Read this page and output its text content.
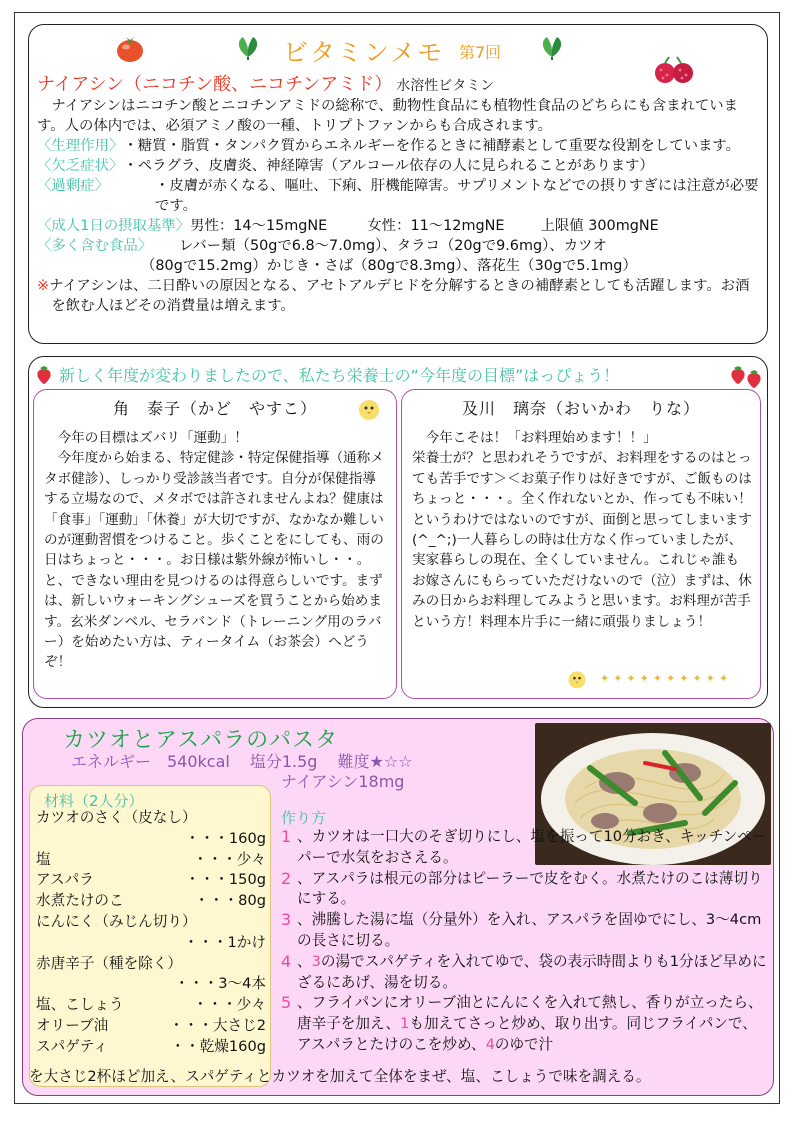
ビタミンメモ 第7回
ナイアシン（ニコチン酸、ニコチンアミド） 水溶性ビタミン

ナイアシンはニコチン酸とニコチンアミドの総称で、動物性食品にも植物性食品のどちらにも含まれています。人の体内では、必須アミノ酸の一種、トリプトファンからも合成されます。

〈生理作用〉 ・糖質・脂質・タンパク質からエネルギーを作るときに補酵素として重要な役割をしています。
〈欠乏症状〉 ・ペラグラ、皮膚炎、神経障害（アルコール依存の人に見られることがあります）
〈過剰症〉	・皮膚が赤くなる、嘔吐、下痢、肝機能障害。サプリメントなどでの摂りすぎには注意が必要です。
〈成人1日の摂取基準〉 男性：14～15mgNE	女性：11～12mgNE	上限値 300mgNE
〈多く含む食品〉	レバー類（50gで6.8～7.0mg）、タラコ（20gで9.6mg）、カツオ
（80gで15.2mg）かじき・さば（80gで8.3mg）、落花生（30gで5.1mg）

※ナイアシンは、二日酔いの原因となる、アセトアルデヒドを分解するときの補酵素としても活躍します。お酒を飲む人ほどその消費量は増えます。

新しく年度が変わりましたので、私たち栄養士の“今年度の目標”はっぴょう！
角　泰子（かど　やすこ）

今年の目標はズバリ「運動」！

今年度から始まる、特定健診・特定保健指導（通称メタボ健診）、しっかり受診該当者です。自分が保健指導する立場なので、メタボでは許されませんよね？健康は「食事」「運動」「休養」が大切ですが、なかなか難しいのが運動習慣をつけること。歩くことをにしても、雨の日はちょっと・・・。お日様は紫外線が怖いし・・。と、できない理由を見つけるのは得意らしいです。まずは、新しいウォーキングシューズを買うことから始めます。玄米ダンベル、セラバンド（トレーニング用のラバー）を始めたい方は、ティータイム（お茶会）へどうぞ！

及川　璃奈（おいかわ　りな）

今年こそは！「お料理始めます！！」

栄養士が？と思われそうですが、お料理をするのはとっても苦手です＞＜お菓子作りは好きですが、ご飯ものはちょっと・・・。全く作れないとか、作っても不味い！というわけではないのですが、面倒と思ってしまいます(^_^;)一人暮らしの時は仕方なく作っていましたが、実家暮らしの現在、全くしていません。これじゃ誰もお嫁さんにもらっていただけないので（泣）まずは、休みの日からお料理してみようと思います。お料理が苦手という方！料理本片手に一緒に頑張りましょう！

✦✦✦✦✦✦✦✦✦✦
カツオとアスパラのパスタ
エネルギー　540kcal 塩分1.5g 難度★☆☆
ナイアシン18mg
材料（2人分）
カツオのさく（皮なし）
・・・160g
塩	・・・少々
アスパラ	・・・150g
水煮たけのこ	・・・80g
にんにく（みじん切り）
・・・1かけ
赤唐辛子（種を除く）
・・・3～4本
塩、こしょう	・・・少々
オリーブ油	・・・大さじ2
スパゲティ	・・乾燥160g
作り方
1 、カツオは一口大のそぎ切りにし、塩を振って10分おき、キッチンペーパーで水気をおさえる。
2 、アスパラは根元の部分はピーラーで皮をむく。水煮たけのこは薄切りにする。
3 、沸騰した湯に塩（分量外）を入れ、アスパラを固ゆでにし、3～4cmの長さに切る。
4 、3の湯でスパゲティを入れてゆで、袋の表示時間よりも1分ほど早めにざるにあげ、湯を切る。
5 、フライパンにオリーブ油とにんにくを入れて熱し、香りが立ったら、唐辛子を加え、1も加えてさっと炒め、取り出す。同じフライパンで、アスパラとたけのこを炒め、4のゆで汁
を大さじ2杯ほど加え、スパゲティとカツオを加えて全体をまぜ、塩、こしょうで味を調える。
